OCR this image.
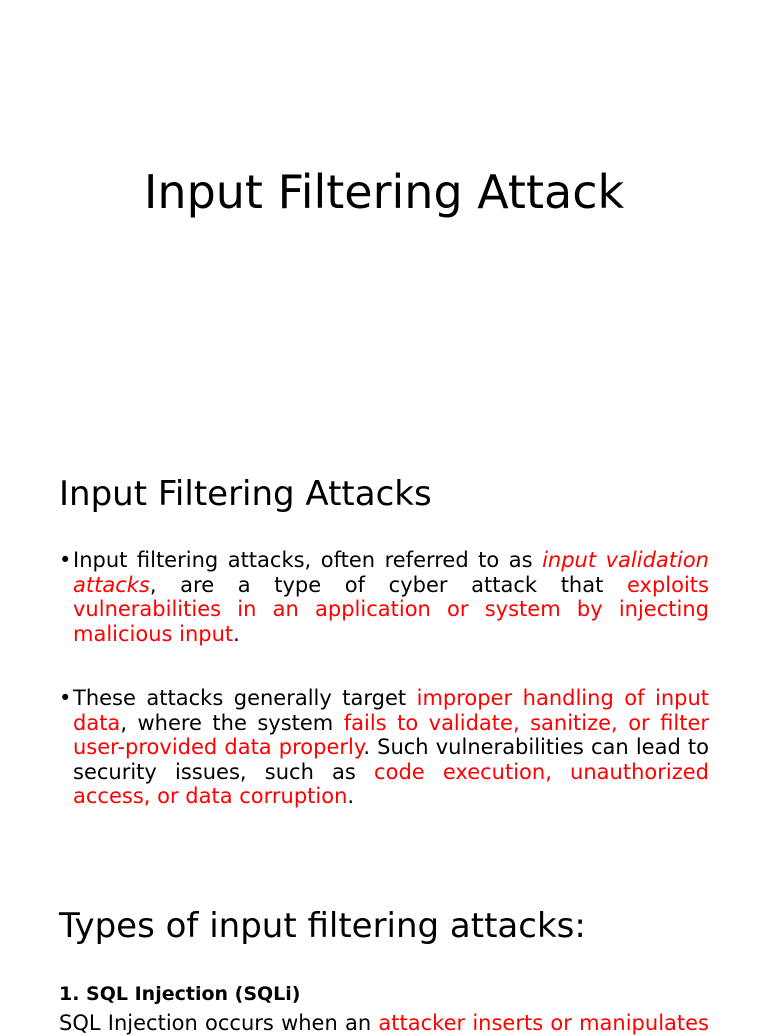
Input Filtering Attack
Input Filtering Attacks
• Input filtering attacks, often referred to as input validation attacks, are a type of cyber attack that exploits vulnerabilities in an application or system by injecting malicious input.
• These attacks generally target improper handling of input data, where the system fails to validate, sanitize, or filter user-provided data properly. Such vulnerabilities can lead to security issues, such as code execution, unauthorized access, or data corruption.
Types of input filtering attacks:
1. SQL Injection (SQLi)
SQL Injection occurs when an attacker inserts or manipulates
